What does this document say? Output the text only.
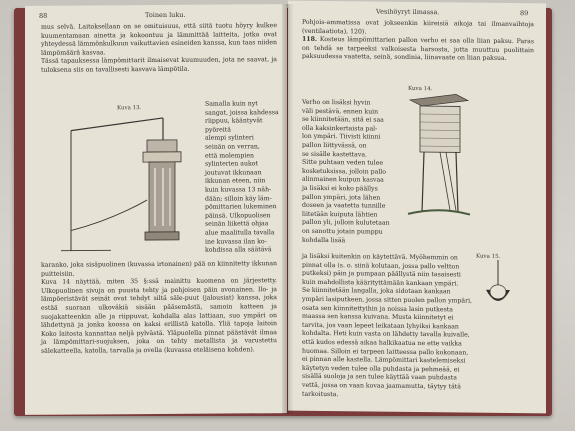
88	Toinen luku.

mus selvä. Laitoksellaan on se omituisuus, että siitä tuotu höyry kulkee kuumentamaan ainetta ja kokoontuu ja lämmittää laitteita, jotka ovat yhteydessä lämmönkulkuun vaikuttavien esineiden kanssa, kun taas niiden lämpömäärä kasvaa.

Tässä tapauksessa lämpömittarit ilmaisevat kuumuuden, jota ne saavat, ja tuloksena siis on tavallisesti kasvava lämpötila.

Kuva 13.

Samalla kuin nyt

sangat, joissa kahdessa

riippuu, kääntyvät pyöreitä

alempi sylinteri

seinän on verran,

että molempien

sylinterien aukot

joutuvat ikkunaan

ikkunan eteen, niin

kuin kuvassa 13 näh-

dään; silloin käy läm-

pömittarien lukeminen

päinsä. Ulkopuolisen

seinän liikettä ohjaa

alue maalitulla tavalla

ine kuvassa ilan ko-

kohdissa alla säätävä

karanko, joka sisäpuolinen (kuvassa irtonainen) pää on kiinnitetty ikkunan puitteisiin.

Kuva 14 näyttää, miten 35 §:ssä mainittu kuomena on järjestetty. Ulkopuolinen sivuja on puusta tehty ja pohjoisen päin avonainen. Ilo- ja lämpöeristävät seinät ovat tehdyt siltä säle-puut (jalousiat) kanssa, joka estää suoraan ulkoväkiä sisään pääsemästä, samoin katteen ja suojakatteenkin alle ja riippuvat, kohdalla alas lattiaan, suo ympäri on lähdettynä ja jonka koossa on kaksi erillistä katolla. Yliä tapoja laitoin Koko laitosta kannattaa neljä pylvästä. Yläpuolella pinnat päästävät ilmaa ja lämpömittari-suojuksen, joka on tehty metallista ja varustettu sälekatteella, katolla, tarvalla ja ovella (kuvassa eteläisena kohden).

Vesihöyryt ilmassa.	89

Pohjois-ammatissa ovat jokseenkin kiireisiä aikoja tai ilmanvaihtoja (ventilaatiota), 120).

118. Kosteus lämpömittarien pallon verho ei saa olla liian paksu. Paras on tehdä se tarpeeksi valkoisesta harsosta, jotta muuttuu puolittain paksuudessa vaatetta, seinä, sondinia, liinavaate on liian paksua.

Kuva 14.

Verho on lisäksi hyvin

väli pestävä, ennen kuin

se kiinnitetään, sitä ei saa

olla kaksinkertaista pal-

lon ympäri. Tiivisti kiinni

pallon liittyvässä, on

se sisälle kastettava.

Sitte puhtaan veden tulee

kosketuksissa, jolloin pallo

alinmainen kuipun kasvaa

ja lisäksi ei koko päällys

pallon ympäri, jota lähen

doseen ja vaatetta tunnille

liitetään kuiputa lähtien

pallon yli, jolloin kulutetaan

on sanottu jotain pumppu

kohdalla lisää

Kuva 15.

ja lisäksi kuitenkin on käytettävä. Myöhemmin on pinnat olla (s. o. siinä kolutaan, jossa pallo veltton putkeksi) päin ja pumpaan päällystä niin tasaisesti kuin mahdollista käärityttämään kankaan ympäri.

Se kiinnitetään langalla, joka sidotaan kankaan ympäri lasiputkeen, jossa sitten puolen pallon ympäri, osata sen kiinnitettyihin ja noissa lasin putkesta maassa sen kanssa kuivana. Musta kiinnitetyt ei tarvita, jos vaan lepeet leikataan lyhyiksi kankaan kohdalta. Heti kuin vasta on lähdetty tavalla kuivalle, että kudos edessä aikaa halkikaatua ne ette vaikka huomaa. Silloin ei tarpeen laitteessa pallo kokonaan, ei pinnan alle kastella. Lämpömittari kastelemiseksi käytetyn veden tulee olla puhdasta ja pehmeää, ei sisällä suoloja ja sen tulee käyttää vaan puhdasta vettä, jossa on vaan kovaa jaamamutta, täytyy tätä tarkoitusta.
